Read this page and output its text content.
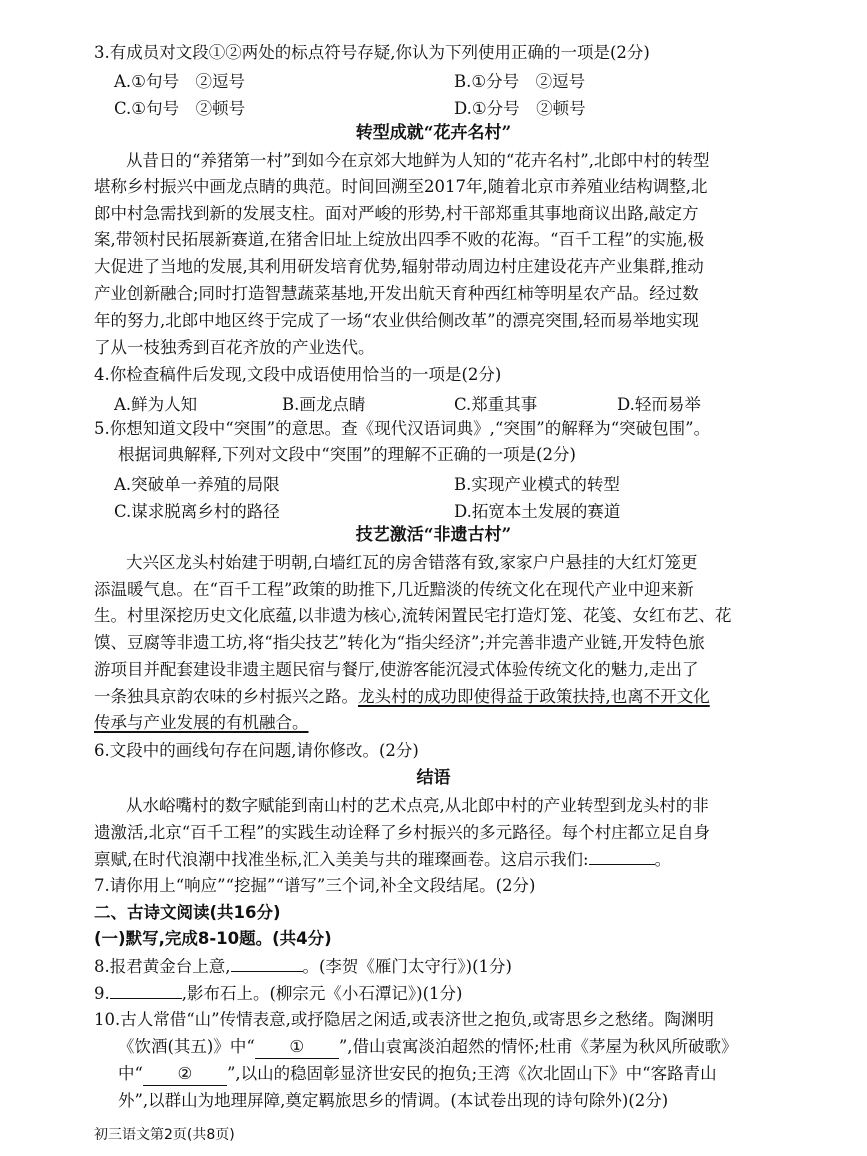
3.有成员对文段①②两处的标点符号存疑,你认为下列使用正确的一项是(2分)
A.①句号　②逗号	B.①分号　②逗号
C.①句号　②顿号	D.①分号　②顿号
转型成就“花卉名村”
从昔日的“养猪第一村”到如今在京郊大地鲜为人知的“花卉名村”,北郎中村的转型
堪称乡村振兴中画龙点睛的典范。时间回溯至2017年,随着北京市养殖业结构调整,北
郎中村急需找到新的发展支柱。面对严峻的形势,村干部郑重其事地商议出路,敲定方
案,带领村民拓展新赛道,在猪舍旧址上绽放出四季不败的花海。“百千工程”的实施,极
大促进了当地的发展,其利用研发培育优势,辐射带动周边村庄建设花卉产业集群,推动
产业创新融合;同时打造智慧蔬菜基地,开发出航天育种西红柿等明星农产品。经过数
年的努力,北郎中地区终于完成了一场“农业供给侧改革”的漂亮突围,轻而易举地实现
了从一枝独秀到百花齐放的产业迭代。
4.你检查稿件后发现,文段中成语使用恰当的一项是(2分)
A.鲜为人知	B.画龙点睛	C.郑重其事	D.轻而易举
5.你想知道文段中“突围”的意思。查《现代汉语词典》,“突围”的解释为“突破包围”。
根据词典解释,下列对文段中“突围”的理解不正确的一项是(2分)
A.突破单一养殖的局限	B.实现产业模式的转型
C.谋求脱离乡村的路径	D.拓宽本土发展的赛道
技艺激活“非遗古村”
大兴区龙头村始建于明朝,白墙红瓦的房舍错落有致,家家户户悬挂的大红灯笼更
添温暖气息。在“百千工程”政策的助推下,几近黯淡的传统文化在现代产业中迎来新
生。村里深挖历史文化底蕴,以非遗为核心,流转闲置民宅打造灯笼、花笺、女红布艺、花
馍、豆腐等非遗工坊,将“指尖技艺”转化为“指尖经济”;并完善非遗产业链,开发特色旅
游项目并配套建设非遗主题民宿与餐厅,使游客能沉浸式体验传统文化的魅力,走出了
一条独具京韵农味的乡村振兴之路。龙头村的成功即使得益于政策扶持,也离不开文化
传承与产业发展的有机融合。
6.文段中的画线句存在问题,请你修改。(2分)
结语
从水峪嘴村的数字赋能到南山村的艺术点亮,从北郎中村的产业转型到龙头村的非
遗激活,北京“百千工程”的实践生动诠释了乡村振兴的多元路径。每个村庄都立足自身
禀赋,在时代浪潮中找准坐标,汇入美美与共的璀璨画卷。这启示我们:	。
7.请你用上“响应”“挖掘”“谱写”三个词,补全文段结尾。(2分)
二、古诗文阅读(共16分)
(一)默写,完成8-10题。(共4分)
8.报君黄金台上意,	。(李贺《雁门太守行》)(1分)
9.	,影布石上。(柳宗元《小石潭记》)(1分)
10.古人常借“山”传情表意,或抒隐居之闲适,或表济世之抱负,或寄思乡之愁绪。陶渊明
《饮酒(其五)》中“ ① ”,借山袁寓淡泊超然的情怀;杜甫《茅屋为秋风所破歌》
中“ ② ”,以山的稳固彰显济世安民的抱负;王湾《次北固山下》中“客路青山
外”,以群山为地理屏障,奠定羁旅思乡的情调。(本试卷出现的诗句除外)(2分)
初三语文第2页(共8页)
